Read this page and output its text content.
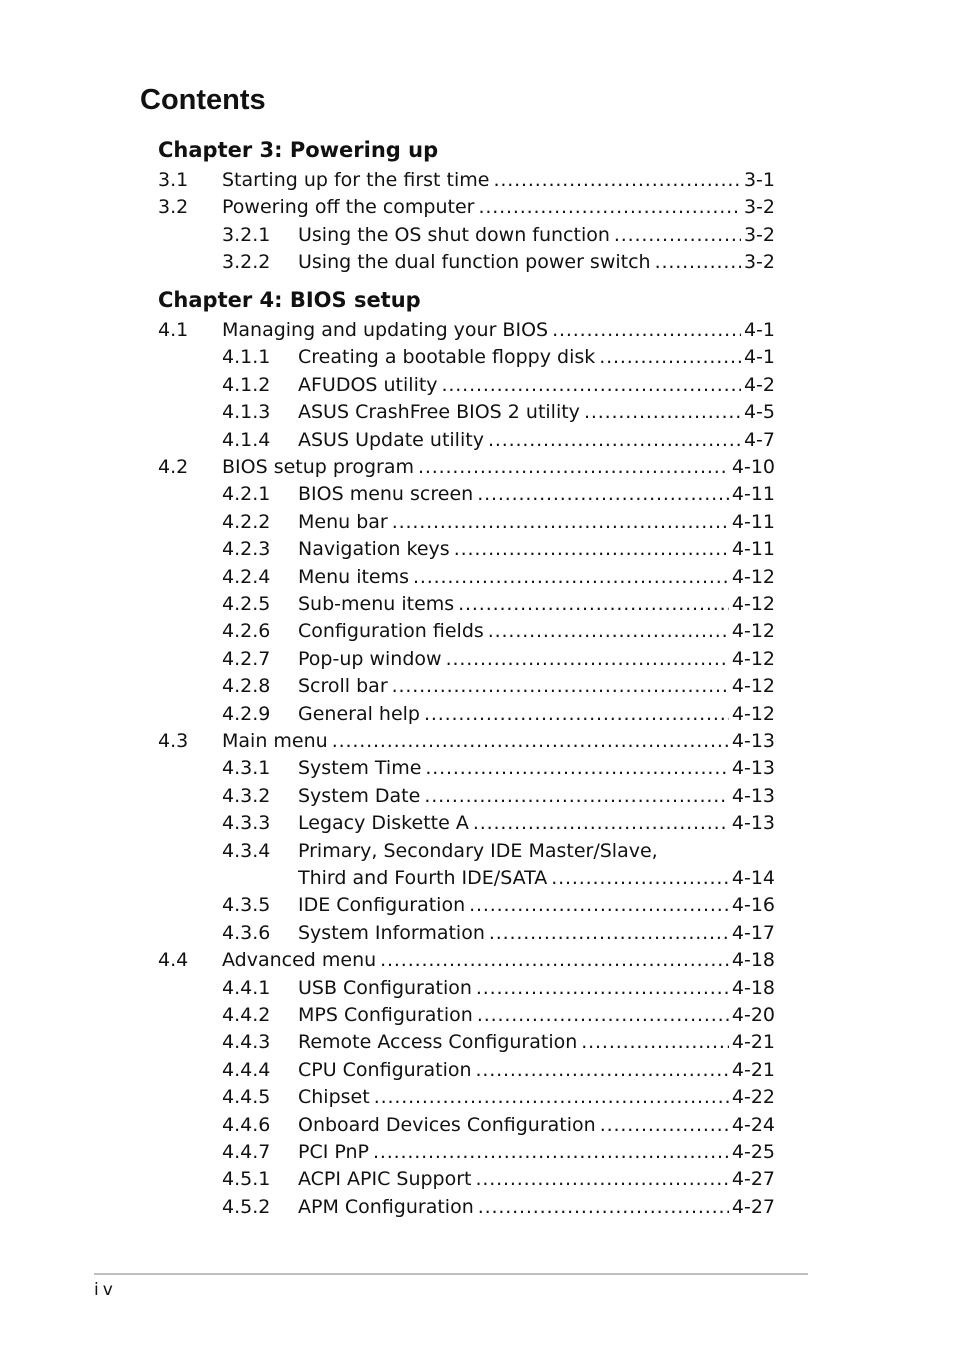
Contents
Chapter 3: Powering up
3.1 Starting up for the first time . . .	3-1
3.2 Powering off the computer . . .	3-2
3.2.1 Using the OS shut down function . . .	3-2
3.2.2 Using the dual function power switch . . .	3-2
Chapter 4: BIOS setup
4.1 Managing and updating your BIOS . . .	4-1
4.1.1 Creating a bootable floppy disk . . .	4-1
4.1.2 AFUDOS utility . . .	4-2
4.1.3 ASUS CrashFree BIOS 2 utility . . .	4-5
4.1.4 ASUS Update utility . . .	4-7
4.2 BIOS setup program . . .	4-10
4.2.1 BIOS menu screen . . .	4-11
4.2.2 Menu bar . . .	4-11
4.2.3 Navigation keys . . .	4-11
4.2.4 Menu items . . .	4-12
4.2.5 Sub-menu items . . .	4-12
4.2.6 Configuration fields . . .	4-12
4.2.7 Pop-up window . . .	4-12
4.2.8 Scroll bar . . .	4-12
4.2.9 General help . . .	4-12
4.3 Main menu . . .	4-13
4.3.1 System Time . . .	4-13
4.3.2 System Date . . .	4-13
4.3.3 Legacy Diskette A . . .	4-13
4.3.4 Primary, Secondary IDE Master/Slave,
Third and Fourth IDE/SATA . . .	4-14
4.3.5 IDE Configuration . . .	4-16
4.3.6 System Information . . .	4-17
4.4 Advanced menu . . .	4-18
4.4.1 USB Configuration . . .	4-18
4.4.2 MPS Configuration . . .	4-20
4.4.3 Remote Access Configuration . . .	4-21
4.4.4 CPU Configuration . . .	4-21
4.4.5 Chipset . . .	4-22
4.4.6 Onboard Devices Configuration . . .	4-24
4.4.7 PCI PnP . . .	4-25
4.5.1 ACPI APIC Support . . .	4-27
4.5.2 APM Configuration . . .	4-27
iv
